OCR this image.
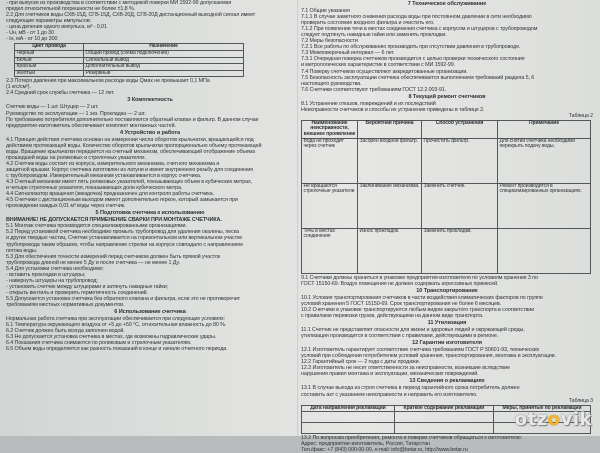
- при выпуске из производства в соответствии с методикой поверки МИ 1592-99 допускаемая
предел относительной погрешности не более ±1,8 %.
2.2 Для счетчиков воды СХВ-15Д, СГВ-15Д, СХВ-20Д, СГВ-20Д дистанционный выходной сигнал имеет
следующие параметры импульсов:
- цена деления одного импульса, м³ - 0,01
- Uн, мВ - от 1 до 30
- Iн, мА - от 10 до 300
Цвет провода	Назначение
Черный	Общий провод (схема подключения)
Белый	Сигнальный вывод
Красный	Дополнительный вывод
Желтый	Резервный
2.3 Потеря давления при максимальном расходе воды Qмах не превышает 0,1 МПа
(1 кгс/см²).
2.4 Средний срок службы счетчика — 12 лет.

3 Комплектность

Счетчик воды — 1 шт. Штуцер — 2 шт.
Руководство по эксплуатации — 1 экз. Прокладка — 2 шт.
По требованию потребителя дополнительно поставляются обратный клапан и фильтр. В данном случае
предприятие-изготовитель обеспечивает комплект монтажных частей.

4 Устройство и работа

4.1 Принцип действия счетчика основан на измерении числа оборотов крыльчатки, вращающейся под
действием протекающей воды. Количество оборотов крыльчатки пропорционально объему протекающей
воды. Вращение крыльчатки передается на счетный механизм, обеспечивающий отображение объема
прошедшей воды на роликовых и стрелочных указателях.
4.2 Счетчик воды состоит из корпуса, измерительного механизма, счетного механизма и
защитной крышки. Корпус счетчика изготовлен из латуни и имеет внутреннюю резьбу для соединения
с трубопроводом. Измерительный механизм устанавливается в корпус счетчика.
4.3 Счетный механизм имеет пять роликовых указателей, показывающих объем в кубических метрах,
и четыре стрелочных указателя, показывающих доли кубического метра.
4.4 Сигнализатор вращения (звездочка) предназначен для контроля работы счетчика.
4.5 Счетчики с дистанционным выходом имеют дополнительно геркон, который замыкается при
прохождении каждых 0,01 м³ воды через счетчик.

5 Подготовка счетчика к использованию

ВНИМАНИЕ! НЕ ДОПУСКАЕТСЯ ПРИМЕНЕНИЕ СВАРКИ ПРИ МОНТАЖЕ СЧЕТЧИКА.

5.1 Монтаж счетчика производится специализированными организациями.
5.2 Перед установкой счетчика необходимо промыть трубопровод для удаления окалины, песка
и других твердых частиц. Счетчик устанавливается на горизонтальном или вертикальном участке
трубопровода таким образом, чтобы направление стрелки на корпусе совпадало с направлением
потока воды.
5.3 Для обеспечения точности измерений перед счетчиком должен быть прямой участок
трубопровода длиной не менее 5 Ду и после счетчика — не менее 1 Ду.
5.4 Для установки счетчика необходимо:
- вставить прокладки в штуцеры;
- навернуть штуцеры на трубопровод;
- установить счетчик между штуцерами и затянуть накидные гайки;
- открыть вентиль и проверить герметичность соединений.
5.5 Допускается установка счетчика без обратного клапана и фильтра, если это не противоречит
требованиям местных нормативных документов.

6 Использование счетчика

Нормальная работа счетчика при эксплуатации обеспечивается при следующих условиях:
6.1 Температура окружающего воздуха от +5 до +50 °С, относительная влажность до 80 %.
6.2 Счетчик должен быть всегда заполнен водой.
6.3 Не допускается установка счетчика в местах, где возможны гидравлические удары.
6.4 Показания счетчика снимаются по роликовым и стрелочным указателям.
6.5 Объем воды определяется как разность показаний в конце и начале отчетного периода.

7 Техническое обслуживание

7.1 Общие указания
7.1.1 В случае заметного снижения расхода воды при постоянном давлении в сети необходимо
проверить состояние входного фильтра и очистить его.
7.1.2 При появлении течи в местах соединения счетчика с корпусом и штуцеров с трубопроводом
следует подтянуть накидные гайки или заменить прокладки.
7.2 Меры безопасности
7.2.1 Все работы по обслуживанию производить при отсутствии давления в трубопроводе.
7.3 Межповерочный интервал — 6 лет.
7.3.1 Очередная поверка счетчиков производится с целью проверки технического состояния
и метрологических характеристик в соответствии с МИ 1592-99.
7.4 Поверку счетчиков осуществляют аккредитованные организации.
7.5 Безопасность эксплуатации счетчика обеспечивается выполнением требований раздела 5, 6
настоящего руководства.
7.6 Счетчики соответствуют требованиям ГОСТ 12.2.003-91.

8 Текущий ремонт счетчиков

8.1 Устранение отказов, повреждений и их последствий
Неисправности счетчиков и способы их устранения приведены в таблице 2.

Таблица 2

Наименование неисправности, внешнее проявление	Вероятная причина	Способ устранения	Примечание
Вода не проходит через счетчик	Засорен входной фильтр.	Прочистить фильтр.	Для снятия счетчика необходимо перекрыть подачу воды.
Не вращаются стрелочные указатели	Заклинивание механизма.	Заменить счетчик.	Ремонт производится в специализированных организациях.
Течь в местах соединения	Износ прокладок.	Заменить прокладки.	
9.1 Счетчики должны храниться в упаковке предприятия-изготовителя по условиям хранения 3 по
ГОСТ 15150-69. Воздух помещения не должен содержать агрессивных примесей.

10 Транспортирование

10.1 Условия транспортирования счетчиков в части воздействия климатических факторов по группе
условий хранения 5 ГОСТ 15150-69. Срок транспортирования не более 6 месяцев.
10.2 Счетчики в упаковке транспортируются любым видом закрытого транспорта в соответствии
с правилами перевозки грузов, действующими на данном виде транспорта.

11 Утилизация

11.1 Счетчик не представляет опасности для жизни и здоровья людей и окружающей среды,
утилизация производится в соответствии с правилами, действующими в регионе.

12 Гарантии изготовителя

12.1 Изготовитель гарантирует соответствие счетчика требованиям ГОСТ Р 50601-93, технических
условий при соблюдении потребителем условий хранения, транспортирования, монтажа и эксплуатации.
12.2 Гарантийный срок — 2 года с даты продажи.
12.3 Изготовитель не несет ответственности за неисправности, возникшие вследствие
нарушения правил монтажа и эксплуатации, механических повреждений.

13 Сведения о рекламациях

13.1 В случае выхода из строя счетчика в период гарантийного срока потребитель должен
составить акт с указанием неисправности и направить его изготовителю.

Таблица 3

Дата направления рекламации	Краткое содержание рекламации	Меры, принятые по рекламации

13.2 По вопросам приобретения, ремонта и поверки счетчиков обращаться к изготовителю:
Адрес: предприятие-изготовитель, Россия, Татарстан
Тел./факс: +7 (843) 000-00-00, e-mail: info@betar.ru, http://www.betar.ru
otzovik
